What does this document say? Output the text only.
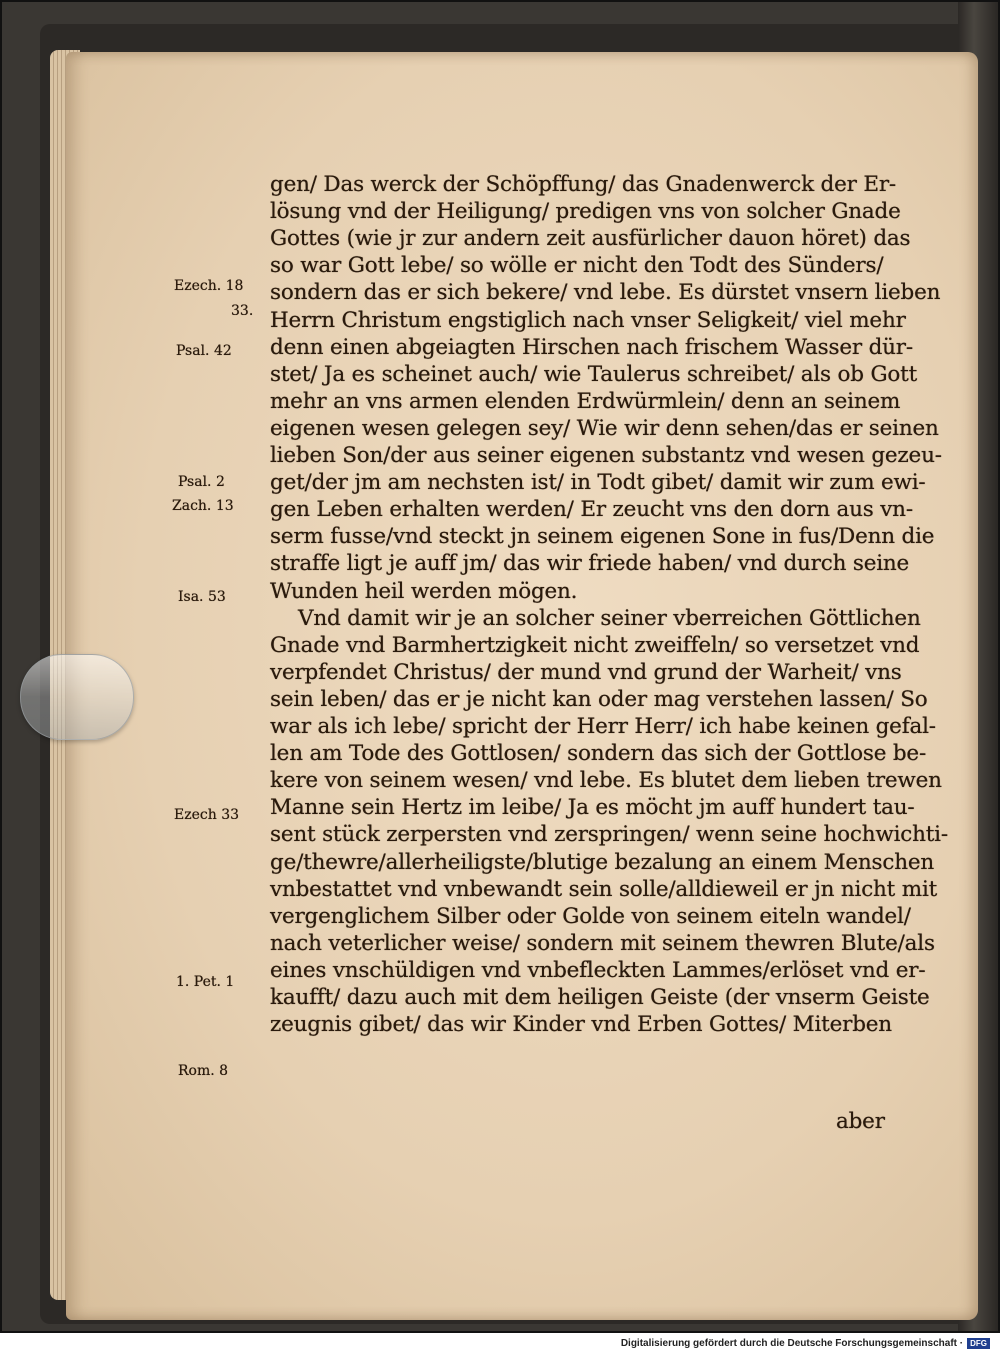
gen/ Das werck der Schöpffung/ das Gnadenwerck der Er-
lösung vnd der Heiligung/ predigen vns von solcher Gnade
Gottes (wie jr zur andern zeit ausfürlicher dauon höret) das
so war Gott lebe/ so wölle er nicht den Todt des Sünders/
sondern das er sich bekere/ vnd lebe. Es dürstet vnsern lieben
Herrn Christum engstiglich nach vnser Seligkeit/ viel mehr
denn einen abgeiagten Hirschen nach frischem Wasser dür-
stet/ Ja es scheinet auch/ wie Taulerus schreibet/ als ob Gott
mehr an vns armen elenden Erdwürmlein/ denn an seinem
eigenen wesen gelegen sey/ Wie wir denn sehen/das er seinen
lieben Son/der aus seiner eigenen substantz vnd wesen gezeu-
get/der jm am nechsten ist/ in Todt gibet/ damit wir zum ewi-
gen Leben erhalten werden/ Er zeucht vns den dorn aus vn-
serm fusse/vnd steckt jn seinem eigenen Sone in fus/Denn die
straffe ligt je auff jm/ das wir friede haben/ vnd durch seine
Wunden heil werden mögen.
Vnd damit wir je an solcher seiner vberreichen Göttlichen
Gnade vnd Barmhertzigkeit nicht zweiffeln/ so versetzet vnd
verpfendet Christus/ der mund vnd grund der Warheit/ vns
sein leben/ das er je nicht kan oder mag verstehen lassen/ So
war als ich lebe/ spricht der Herr Herr/ ich habe keinen gefal-
len am Tode des Gottlosen/ sondern das sich der Gottlose be-
kere von seinem wesen/ vnd lebe. Es blutet dem lieben trewen
Manne sein Hertz im leibe/ Ja es möcht jm auff hundert tau-
sent stück zerpersten vnd zerspringen/ wenn seine hochwichti-
ge/thewre/allerheiligste/blutige bezalung an einem Menschen
vnbestattet vnd vnbewandt sein solle/alldieweil er jn nicht mit
vergenglichem Silber oder Golde von seinem eiteln wandel/
nach veterlicher weise/ sondern mit seinem thewren Blute/als
eines vnschüldigen vnd vnbefleckten Lammes/erlöset vnd er-
kaufft/ dazu auch mit dem heiligen Geiste (der vnserm Geiste
zeugnis gibet/ das wir Kinder vnd Erben Gottes/ Miterben
Ezech. 18
33.
Psal. 42
Psal. 2
Zach. 13
Isa. 53
Ezech 33
1. Pet. 1
Rom. 8
aber
Digitalisierung gefördert durch die Deutsche Forschungsgemeinschaft · DFG
